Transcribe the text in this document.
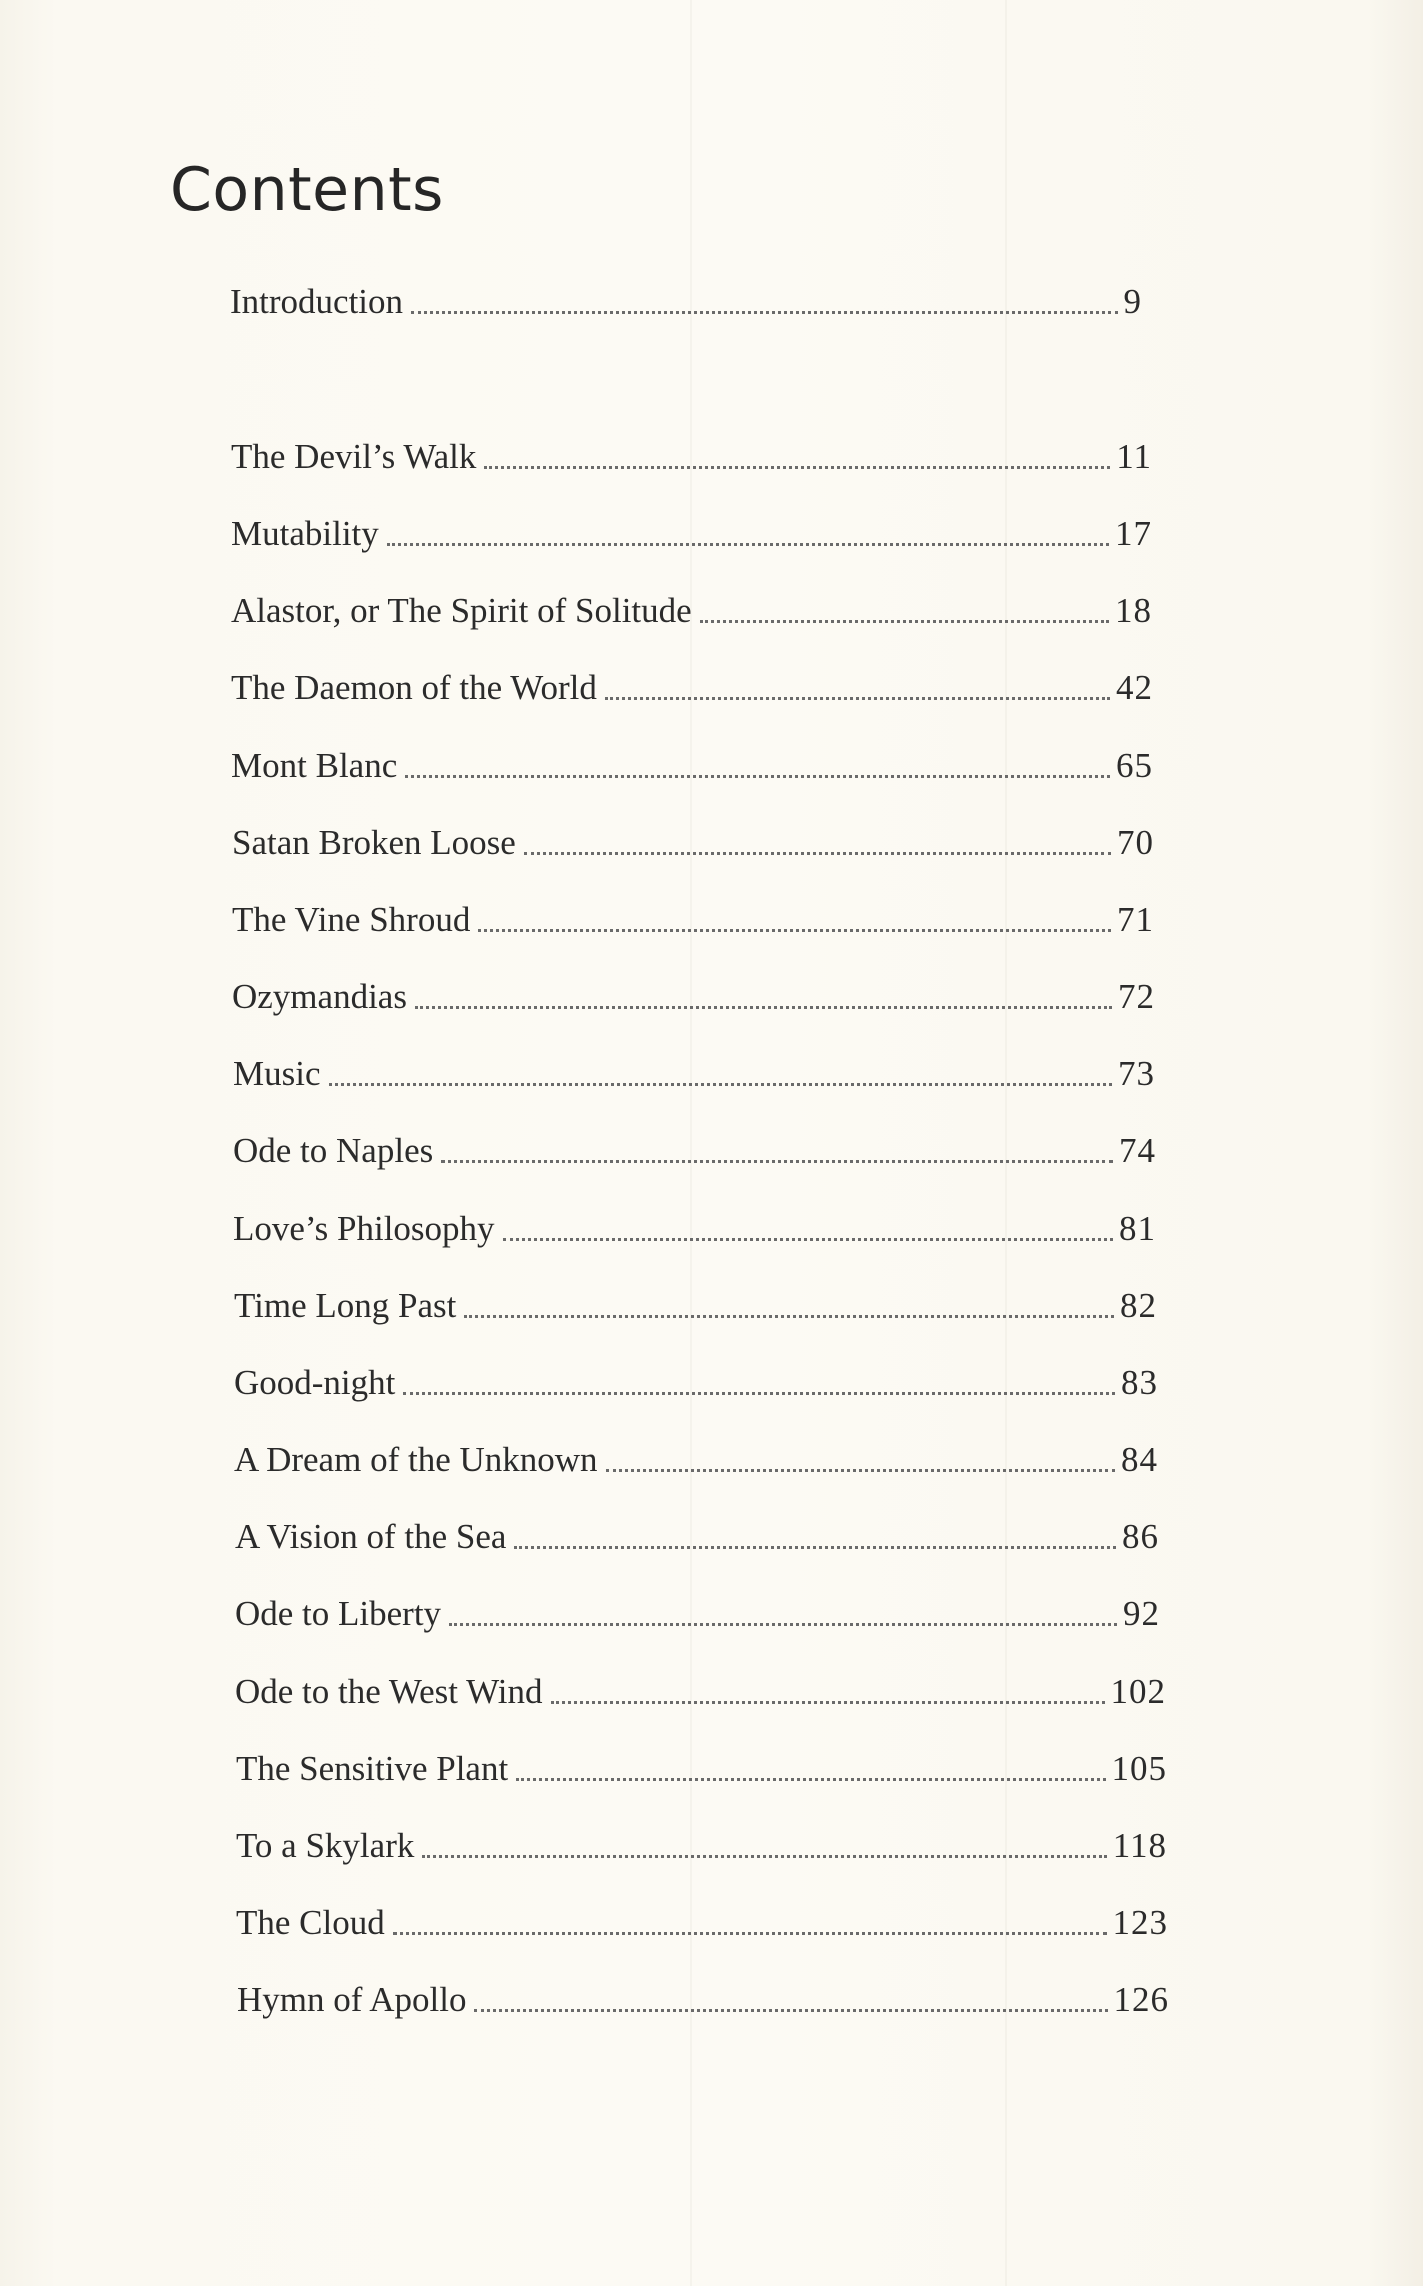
Contents
Introduction	9
The Devil’s Walk	11
Mutability	17
Alastor, or The Spirit of Solitude	18
The Daemon of the World	42
Mont Blanc	65
Satan Broken Loose	70
The Vine Shroud	71
Ozymandias	72
Music	73
Ode to Naples	74
Love’s Philosophy	81
Time Long Past	82
Good-night	83
A Dream of the Unknown	84
A Vision of the Sea	86
Ode to Liberty	92
Ode to the West Wind	102
The Sensitive Plant	105
To a Skylark	118
The Cloud	123
Hymn of Apollo	126
